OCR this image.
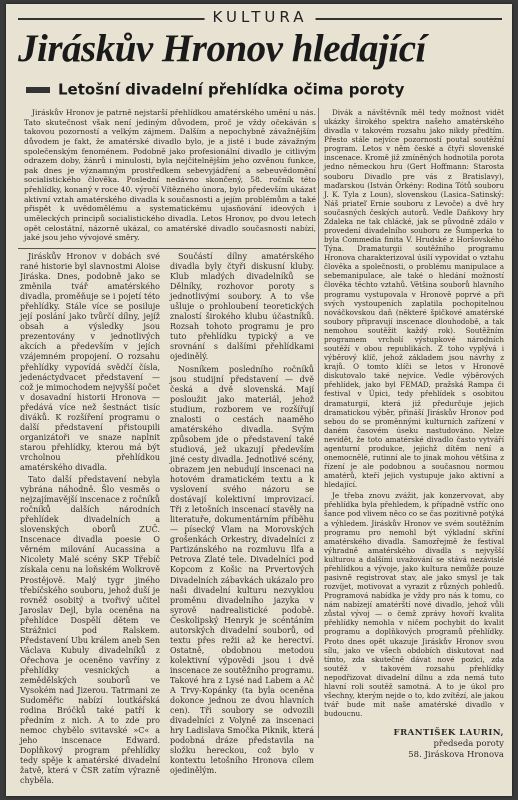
KULTURA
Jiráskův Hronov hledající
Letošní divadelní přehlídka očima poroty

Jiráskův Hronov je patrně nejstarší přehlídkou amatérského umění u nás. Tato skutečnost však není jediným důvodem, proč je vždy očekáván s takovou pozorností a velkým zájmem. Dalším a nepochybně závažnějším důvodem je fakt, že amatérské divadlo bylo, je a jistě i bude závažným společenským fenoménem. Podobně jako profesionální divadlo je citlivým odrazem doby, žánrů i minulosti, byla nejčitelnějším jeho ozvěnou funkce, pak dnes je významným prostředkem sebevyjádření a sebeuvědomění socialistického člověka. Poslední nedávno skončený, 58. ročník této přehlídky, konaný v roce 40. výročí Vítězného února, bylo především ukázat aktivní vztah amatérského divadla k současnosti a jejím problémům a také přispět k uvědomělému a systematickému ujasňování ideových i uměleckých principů socialistického divadla. Letos Hronov, po dvou letech opět celostátní, názorně ukázal, co amatérské divadlo současnosti nabízí, jaké jsou jeho vývojové směry.

Jiráskův Hronov v dobách své rané historie byl slavnostmi Aloise Jiráska. Dnes, podobně jako se změnila tvář amatérského divadla, proměňuje se i pojetí této přehlídky. Stále více se posiluje její poslání jako tvůrčí dílny, jejíž obsah a výsledky jsou prezentovány v jednotlivých akcích a především v jejích vzájemném propojení. O rozsahu přehlídky vypovídá svědčí čísla, jedenáctydvacet představení — což je mimochodem nejvyšší počet v dosavadní historii Hronova — předává více než šestnáct tisíc diváků. K rozšíření programu o další představení přistoupili organizátoři ve snaze naplnit starou přehlídky, kterou má být vrcholnou přehlídkou amatérského divadla.

Tato další představení nebyla vybrána náhodně. Šlo vesměs o nejzajímavější inscenace z ročníků ročníků dalších národních přehlídek divadelních a slovenských oborů ZUČ. Inscenace divadla poesie O věrném milování Aucassina a Nicolety Malé scény SKP Třebíč získala cenu na loňském Wolkrově Prostějově. Malý tygr jiného třebíčského souboru, jehož duší je rovněž osobitý a tvořivý učitel Jaroslav Dejl, byla oceněna na přehlídce Dospělí dětem ve Strážnici pod Ralskem. Představení Ubu králem aneb Sen Václava Kubuly divadelníků z Ořechova je oceněno vavříny z přehlídky vesnických a zemědělských souborů ve Vysokém nad Jizerou. Tatrmani ze Sudoměřic nabízí loutkářská rodina Bróčků také patří k předním z nich. A to zde pro nemoc chybělo svitavské »C« a jeho inscenace Edward. Doplňkový program přehlídky tedy spěje k amatérské divadelní žatvě, která v ČSR zatím výrazně chyběla.

Součástí dílny amatérského divadla byly čtyři diskusní kluby. Klub mladých divadelníků se Dělníky, rozhovor poroty s jednotlivými soubory. A to vše ušluje o prohloubení teoretických znalostí širokého klubu účastníků. Rozsah tohoto programu je pro tuto přehlídku typický a ve srovnání s dalšími přehlídkami ojedinělý.

Nosníkem posledního ročníků jsou studijní představení — dvě česká a dvě slovenská. Mají posloužit jako materiál, jehož studium, rozborem ve rozšířují znalosti o cestách naaměho amatérského divadla. Svým způsobem jde o představení také studiová, jež ukazují především jiné cesty divadla. Jednotlivé scény, obrazem jen nebudují inscenaci na hotovém dramatickém textu a k vyslovení svého názoru se dostávají kolektivní improvizací. Tři z letošních inscenací stavěly na literatuře, dokumentárním příběhu — písecký Vlam na Morovských grošenkách Orkestry, divadelníci z Partizánského na rozmluvu Ilfa a Petrova Zlaté tele. Divadelníci pod Kopcom z Košic na Prvertových Divadelních zábavkách ukázalo pro naši divadelní kulturu nezvyklou proměnu divadelního jazyka v syrově nadrealistické podobě. Českolipský Henryk je scéntáním autorských divadelní souborů, od textu přes režii až ke herectví. Ostatně, obdobnou metodou kolektivní výpovědi jsou i dvě inscenace ze soutěžního programu. Takové hra z Lysé nad Labem a Ač A Trvy-Kopánky (ta byla oceněna dokonce jednou ze dvou hlavních cen). Tři soubory se odvozili divadelníci z Volyně za inscenaci hry Ladislava Smočka Piknik, která podobná dráze představila na složku hereckou, což bylo v kontextu letošního Hronova cílem ojedinělým.

Divák a návštěvník měl tedy možnost vidět ukázky širokého spektra našeho amatérského divadla v takovém rozsahu jako nikdy předtím. Přesto stále nejvíce pozorností poutal soutěžní program. Letos v něm české a čtyři slovenské inscenace. Kromě již zmíněných hodnotila porota jedno německou hru (Gert Hoffmann: Starosta souboru Divadlo pre vás z Bratislavy), maďarskou (István Örkény: Rodina Tótů souboru J. K. Tyla z Loun), slovenskou (Lasica–Satinský: Náš priateľ Ernie souboru z Levoče) a dvě hry současných českých autorů. Vedle Daňkovy hry Zdaleka ne tak chlácké, jak se původně zdálo v provedení divadelního souboru ze Šumperka to byla Commedia finita V. Hrudské z Horšovského Týna. Dramaturgii soutěžního programu Hronova charakterizoval úsilí vypovídat o vztahu člověka a společnosti, o problému manipulace a sebemanipulace, ale také o hledání možností člověka těchto vztahů. Většina souborů hlavního programu vystupovala v Hronově poprvé a při svých vystoupeních zaplatila pochopitelnou nováčkovskou daň (některé špičkové amatérské soubory připravují inscenace dlouhodobě, a tak nemohou soutěžit každý rok). Soutěžním programem vrcholí výstupkové národních soutěží v obou republikách. Z toho vyplývá i výběrový klíč, jehož základem jsou návrhy z krajů. O tomto klíči se letos v Hronově diskutovalo také nejvíce. Vedle výběrových přehlídek, jako byl FEMAD, pražská Rampa či festival v Úpici, tedy přehlídek s osobitou dramaturgií, která již předurčuje jejich dramatickou výběr, přináší Jiráskův Hronov pod sebou do se proměnnými kulturních zařízení v daném časovém úseku nastudováno. Nelze nevidět, že toto amatérské divadlo často vytváří agenturní produkce, jejichž dítěm není a onemocnělé, rutinní ale to jinak mohou většina z řízení je ale podobnou a současnou normou amatérů, kteří jejich vystupuje jako aktivní a hledající.

Je třeba znovu zvážit, jak konzervovat, aby přehlídka byla přehledem, k případně vstříc ono šance pod vlivem něco co se čas pozitivně potýká a výhledem. Jiráskův Hronov ve svém soutěžním programu pro nemohl být výkladní skříní amatérského divadla. Samozřejmě že festival výhradně amatérského divadla s nejvyšší kulturou a dalšími uvažování se stává nezávislé přehlídkou a vývoje, jako kultura nemůže pouze pasivně registrovat stav, ale jako smysl je tak rozvíjet, motivovat a vyrazit z různých pohledů. Programová nabídka je vždy pro nás k tomu, co nám nabízejí amatérští nové divadlo, jehož vůli zůstal vývoj — o čemž zprávy hovoří kvalita přehlídky nemohla v ničem pochybit do kvalit programu a doplňkových programů přehlídky. Proto dnes opět ukazuje Jiráskův Hronov svou sílu, jako ve všech obdobích diskutovat nad tímto, zda skutečně dávat nové pozici, zda soutěž v takovém rozsahu přehlídky nepodřizovat divadelní dílnu a zda nemá tuto hlavní roli soutěž samotná. A to je úkol pro všechny, kterým nejde o to, kdo zvítězí, ale jakou tvář bude mít naše amatérské divadlo v budoucnu.

FRANTIŠEK LAURIN,
předseda poroty
58. Jiráskova Hronova
